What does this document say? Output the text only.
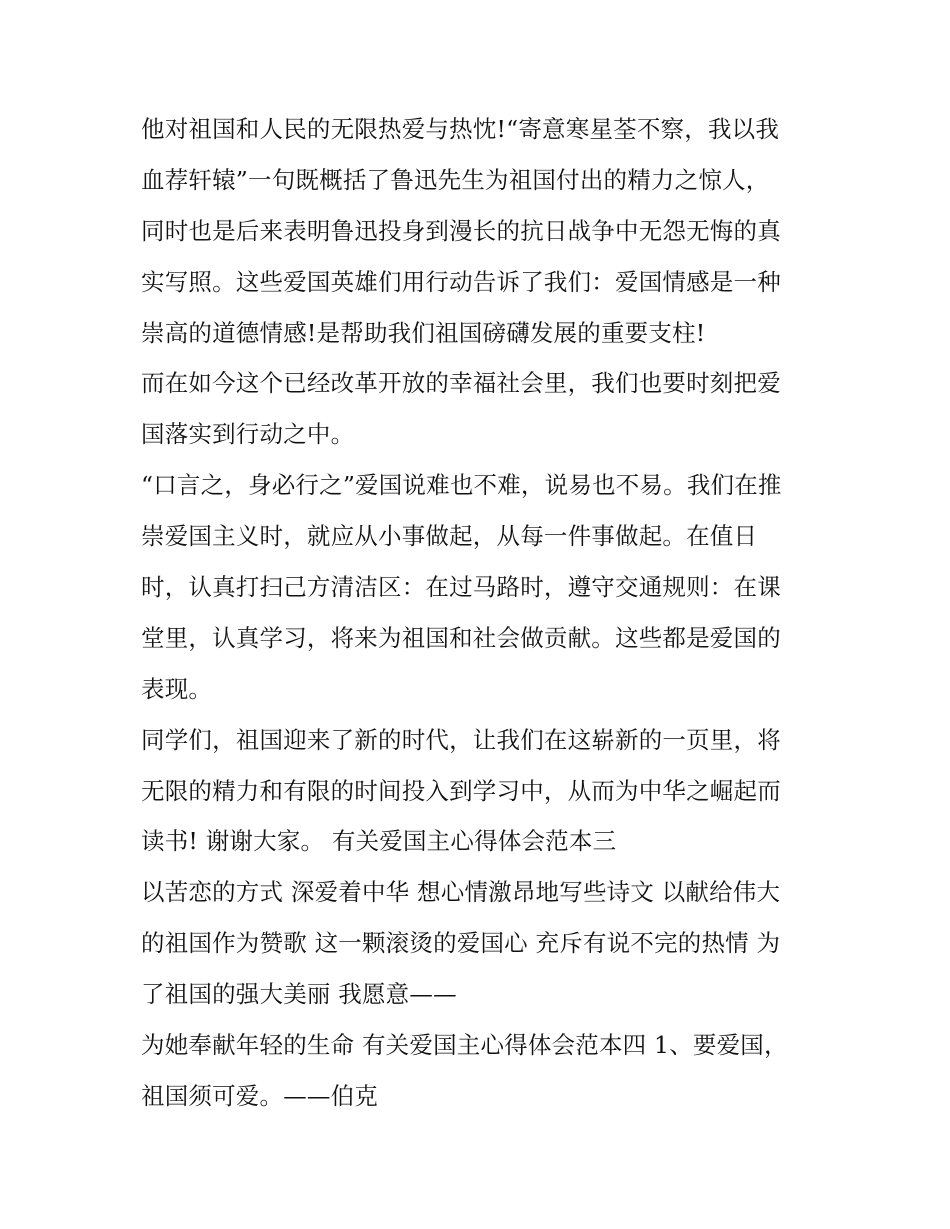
他对祖国和人民的无限热爱与热忱!“寄意寒星荃不察，我以我
血荐轩辕”一句既概括了鲁迅先生为祖国付出的精力之惊人，
同时也是后来表明鲁迅投身到漫长的抗日战争中无怨无悔的真
实写照。这些爱国英雄们用行动告诉了我们：爱国情感是一种
崇高的道德情感!是帮助我们祖国磅礴发展的重要支柱!
而在如今这个已经改革开放的幸福社会里，我们也要时刻把爱
国落实到行动之中。
“口言之，身必行之”爱国说难也不难，说易也不易。我们在推
崇爱国主义时，就应从小事做起，从每一件事做起。在值日
时，认真打扫己方清洁区：在过马路时，遵守交通规则：在课
堂里，认真学习，将来为祖国和社会做贡献。这些都是爱国的
表现。
同学们，祖国迎来了新的时代，让我们在这崭新的一页里，将
无限的精力和有限的时间投入到学习中，从而为中华之崛起而
读书! 谢谢大家。 有关爱国主心得体会范本三
以苦恋的方式 深爱着中华 想心情激昂地写些诗文 以献给伟大
的祖国作为赞歌 这一颗滚烫的爱国心 充斥有说不完的热情 为
了祖国的强大美丽 我愿意——
为她奉献年轻的生命 有关爱国主心得体会范本四 1、要爱国，
祖国须可爱。——伯克
